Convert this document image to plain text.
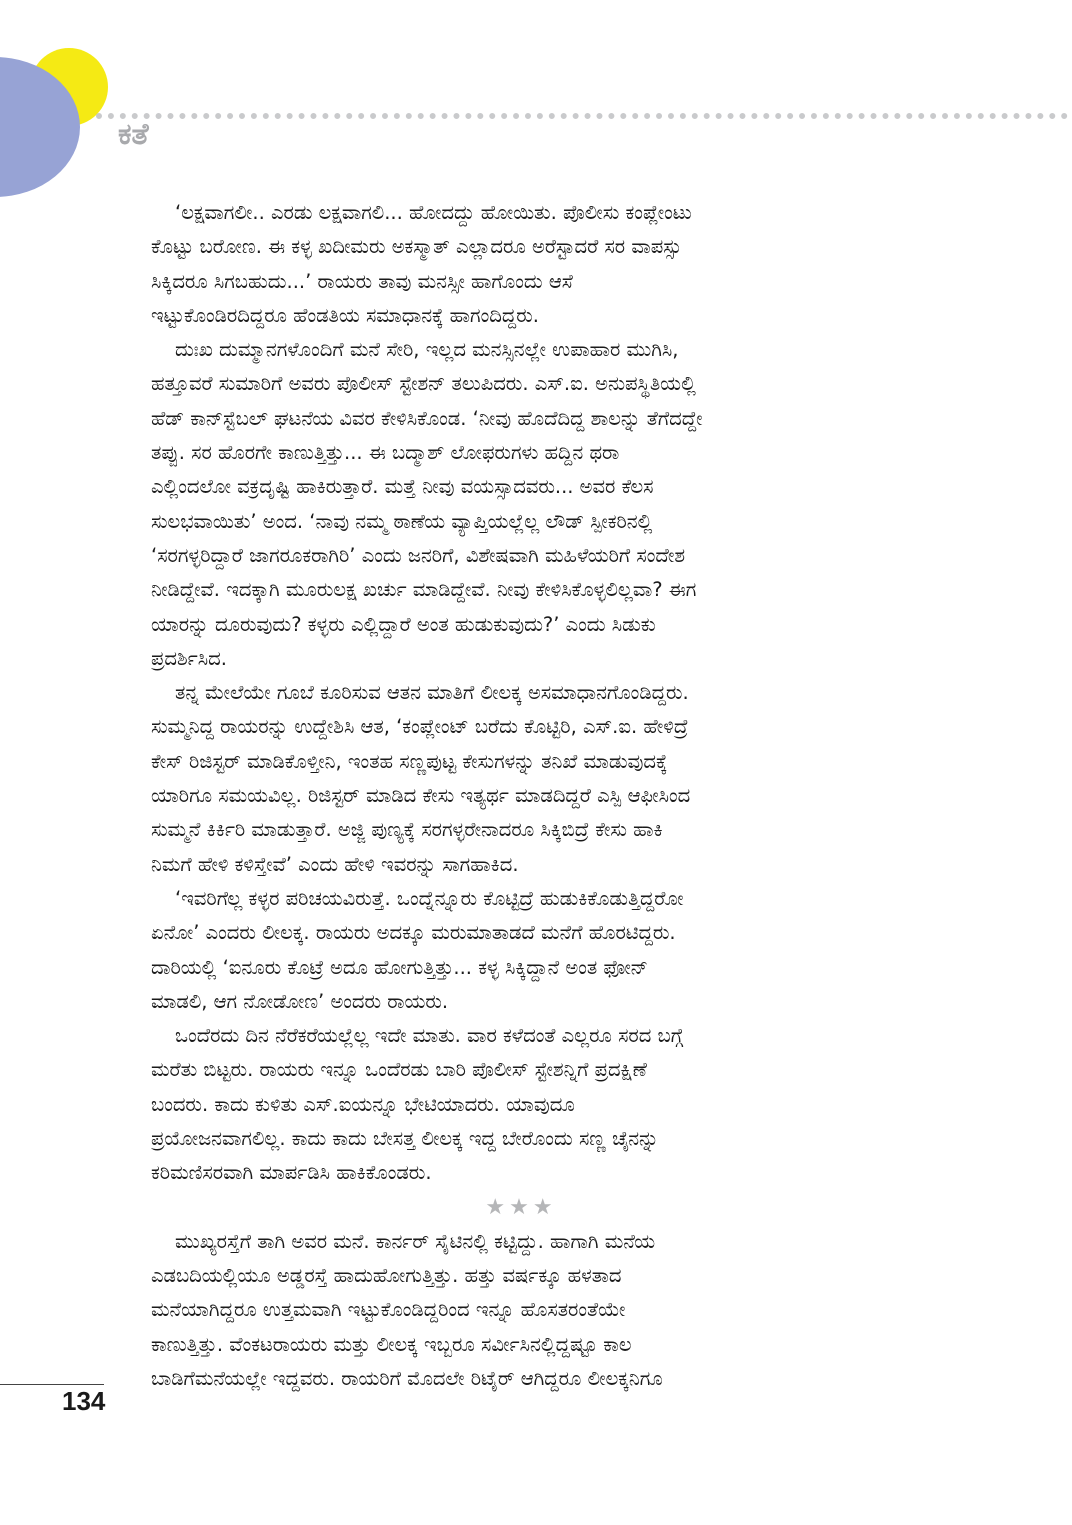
ಕತೆ

‘ಲಕ್ಷವಾಗಲೀ.. ಎರಡು ಲಕ್ಷವಾಗಲಿ... ಹೋದದ್ದು ಹೋಯಿತು. ಪೊಲೀಸು ಕಂಪ್ಲೇಂಟು
ಕೊಟ್ಟು ಬರೋಣ. ಈ ಕಳ್ಳ ಖದೀಮರು ಅಕಸ್ಮಾತ್ ಎಲ್ಲಾದರೂ ಅರೆಸ್ಟಾದರೆ ಸರ ವಾಪಸ್ಸು
ಸಿಕ್ಕಿದರೂ ಸಿಗಬಹುದು...’ ರಾಯರು ತಾವು ಮನಸ್ಸೀ ಹಾಗೊಂದು ಆಸೆ
ಇಟ್ಟುಕೊಂಡಿರದಿದ್ದರೂ ಹೆಂಡತಿಯ ಸಮಾಧಾನಕ್ಕೆ ಹಾಗಂದಿದ್ದರು.

ದುಃಖ ದುಮ್ಮಾನಗಳೊಂದಿಗೆ ಮನೆ ಸೇರಿ, ಇಲ್ಲದ ಮನಸ್ಸಿನಲ್ಲೇ ಉಪಾಹಾರ ಮುಗಿಸಿ,
ಹತ್ತೂವರೆ ಸುಮಾರಿಗೆ ಅವರು ಪೊಲೀಸ್ ಸ್ಟೇಶನ್ ತಲುಪಿದರು. ಎಸ್.ಐ. ಅನುಪಸ್ಥಿತಿಯಲ್ಲಿ
ಹೆಡ್ ಕಾನ್‌ಸ್ಟೆಬಲ್ ಘಟನೆಯ ವಿವರ ಕೇಳಿಸಿಕೊಂಡ. ‘ನೀವು ಹೊದೆದಿದ್ದ ಶಾಲನ್ನು ತೆಗೆದದ್ದೇ
ತಪ್ಪು. ಸರ ಹೊರಗೇ ಕಾಣುತ್ತಿತ್ತು... ಈ ಬದ್ಮಾಶ್ ಲೋಫರುಗಳು ಹದ್ದಿನ ಥರಾ
ಎಲ್ಲಿಂದಲೋ ವಕ್ರದೃಷ್ಟಿ ಹಾಕಿರುತ್ತಾರೆ. ಮತ್ತೆ ನೀವು ವಯಸ್ಸಾದವರು... ಅವರ ಕೆಲಸ
ಸುಲಭವಾಯಿತು’ ಅಂದ. ‘ನಾವು ನಮ್ಮ ಠಾಣೆಯ ವ್ಯಾಪ್ತಿಯಲ್ಲೆಲ್ಲ ಲೌಡ್ ಸ್ಪೀಕರಿನಲ್ಲಿ
‘ಸರಗಳ್ಳರಿದ್ದಾರೆ ಜಾಗರೂಕರಾಗಿರಿ’ ಎಂದು ಜನರಿಗೆ, ವಿಶೇಷವಾಗಿ ಮಹಿಳೆಯರಿಗೆ ಸಂದೇಶ
ನೀಡಿದ್ದೇವೆ. ಇದಕ್ಕಾಗಿ ಮೂರುಲಕ್ಷ ಖರ್ಚು ಮಾಡಿದ್ದೇವೆ. ನೀವು ಕೇಳಿಸಿಕೊಳ್ಳಲಿಲ್ಲವಾ? ಈಗ
ಯಾರನ್ನು ದೂರುವುದು? ಕಳ್ಳರು ಎಲ್ಲಿದ್ದಾರೆ ಅಂತ ಹುಡುಕುವುದು?’ ಎಂದು ಸಿಡುಕು
ಪ್ರದರ್ಶಿಸಿದ.

ತನ್ನ ಮೇಲೆಯೇ ಗೂಬೆ ಕೂರಿಸುವ ಆತನ ಮಾತಿಗೆ ಲೀಲಕ್ಕ ಅಸಮಾಧಾನಗೊಂಡಿದ್ದರು.
ಸುಮ್ಮನಿದ್ದ ರಾಯರನ್ನು ಉದ್ದೇಶಿಸಿ ಆತ, ‘ಕಂಪ್ಲೇಂಟ್ ಬರೆದು ಕೊಟ್ಟಿರಿ, ಎಸ್.ಐ. ಹೇಳಿದ್ರೆ
ಕೇಸ್ ರಿಜಿಸ್ಟರ್ ಮಾಡಿಕೊಳ್ತೀನಿ, ಇಂತಹ ಸಣ್ಣಪುಟ್ಟ ಕೇಸುಗಳನ್ನು ತನಿಖೆ ಮಾಡುವುದಕ್ಕೆ
ಯಾರಿಗೂ ಸಮಯವಿಲ್ಲ. ರಿಜಿಸ್ಟರ್ ಮಾಡಿದ ಕೇಸು ಇತ್ಯರ್ಥ ಮಾಡದಿದ್ದರೆ ಎಸ್ಪಿ ಆಫೀಸಿಂದ
ಸುಮ್ಮನೆ ಕಿರ್ಕಿರಿ ಮಾಡುತ್ತಾರೆ. ಅಜ್ಜಿ ಪುಣ್ಯಕ್ಕೆ ಸರಗಳ್ಳರೇನಾದರೂ ಸಿಕ್ಕಿಬಿದ್ರೆ ಕೇಸು ಹಾಕಿ
ನಿಮಗೆ ಹೇಳಿ ಕಳಿಸ್ತೇವೆ’ ಎಂದು ಹೇಳಿ ಇವರನ್ನು ಸಾಗಹಾಕಿದ.

‘ಇವರಿಗೆಲ್ಲ ಕಳ್ಳರ ಪರಿಚಯವಿರುತ್ತೆ. ಒಂದ್ನೆನ್ನೂರು ಕೊಟ್ಟಿದ್ರೆ ಹುಡುಕಿಕೊಡುತ್ತಿದ್ದರೋ
ಏನೋ’ ಎಂದರು ಲೀಲಕ್ಕ. ರಾಯರು ಅದಕ್ಕೂ ಮರುಮಾತಾಡದೆ ಮನೆಗೆ ಹೊರಟಿದ್ದರು.
ದಾರಿಯಲ್ಲಿ ‘ಐನೂರು ಕೊಟ್ರೆ ಅದೂ ಹೋಗುತ್ತಿತ್ತು... ಕಳ್ಳ ಸಿಕ್ಕಿದ್ದಾನೆ ಅಂತ ಫೋನ್
ಮಾಡಲಿ, ಆಗ ನೋಡೋಣ’ ಅಂದರು ರಾಯರು.

ಒಂದೆರದು ದಿನ ನೆರೆಕರೆಯಲ್ಲೆಲ್ಲ ಇದೇ ಮಾತು. ವಾರ ಕಳೆದಂತೆ ಎಲ್ಲರೂ ಸರದ ಬಗ್ಗೆ
ಮರೆತು ಬಿಟ್ಟರು. ರಾಯರು ಇನ್ನೂ ಒಂದೆರಡು ಬಾರಿ ಪೊಲೀಸ್ ಸ್ಟೇಶನ್ನಿಗೆ ಪ್ರದಕ್ಷಿಣೆ
ಬಂದರು. ಕಾದು ಕುಳಿತು ಎಸ್.ಐಯನ್ನೂ ಭೇಟಿಯಾದರು. ಯಾವುದೂ
ಪ್ರಯೋಜನವಾಗಲಿಲ್ಲ. ಕಾದು ಕಾದು ಬೇಸತ್ತ ಲೀಲಕ್ಕ ಇದ್ದ ಬೇರೊಂದು ಸಣ್ಣ ಚೈನನ್ನು
ಕರಿಮಣಿಸರವಾಗಿ ಮಾರ್ಪಡಿಸಿ ಹಾಕಿಕೊಂಡರು.

★★★

ಮುಖ್ಯರಸ್ತೆಗೆ ತಾಗಿ ಅವರ ಮನೆ. ಕಾರ್ನರ್ ಸೈಟಿನಲ್ಲಿ ಕಟ್ಟಿದ್ದು. ಹಾಗಾಗಿ ಮನೆಯ
ಎಡಬದಿಯಲ್ಲಿಯೂ ಅಡ್ಡರಸ್ತೆ ಹಾದುಹೋಗುತ್ತಿತ್ತು. ಹತ್ತು ವರ್ಷಕ್ಕೂ ಹಳತಾದ
ಮನೆಯಾಗಿದ್ದರೂ ಉತ್ತಮವಾಗಿ ಇಟ್ಟುಕೊಂಡಿದ್ದರಿಂದ ಇನ್ನೂ ಹೊಸತರಂತೆಯೇ
ಕಾಣುತ್ತಿತ್ತು. ವೆಂಕಟರಾಯರು ಮತ್ತು ಲೀಲಕ್ಕ ಇಬ್ಬರೂ ಸರ್ವೀಸಿನಲ್ಲಿದ್ದಷ್ಟೂ ಕಾಲ
ಬಾಡಿಗೆಮನೆಯಲ್ಲೇ ಇದ್ದವರು. ರಾಯರಿಗೆ ಮೊದಲೇ ರಿಟೈರ್ ಆಗಿದ್ದರೂ ಲೀಲಕ್ಕನಿಗೂ

134
